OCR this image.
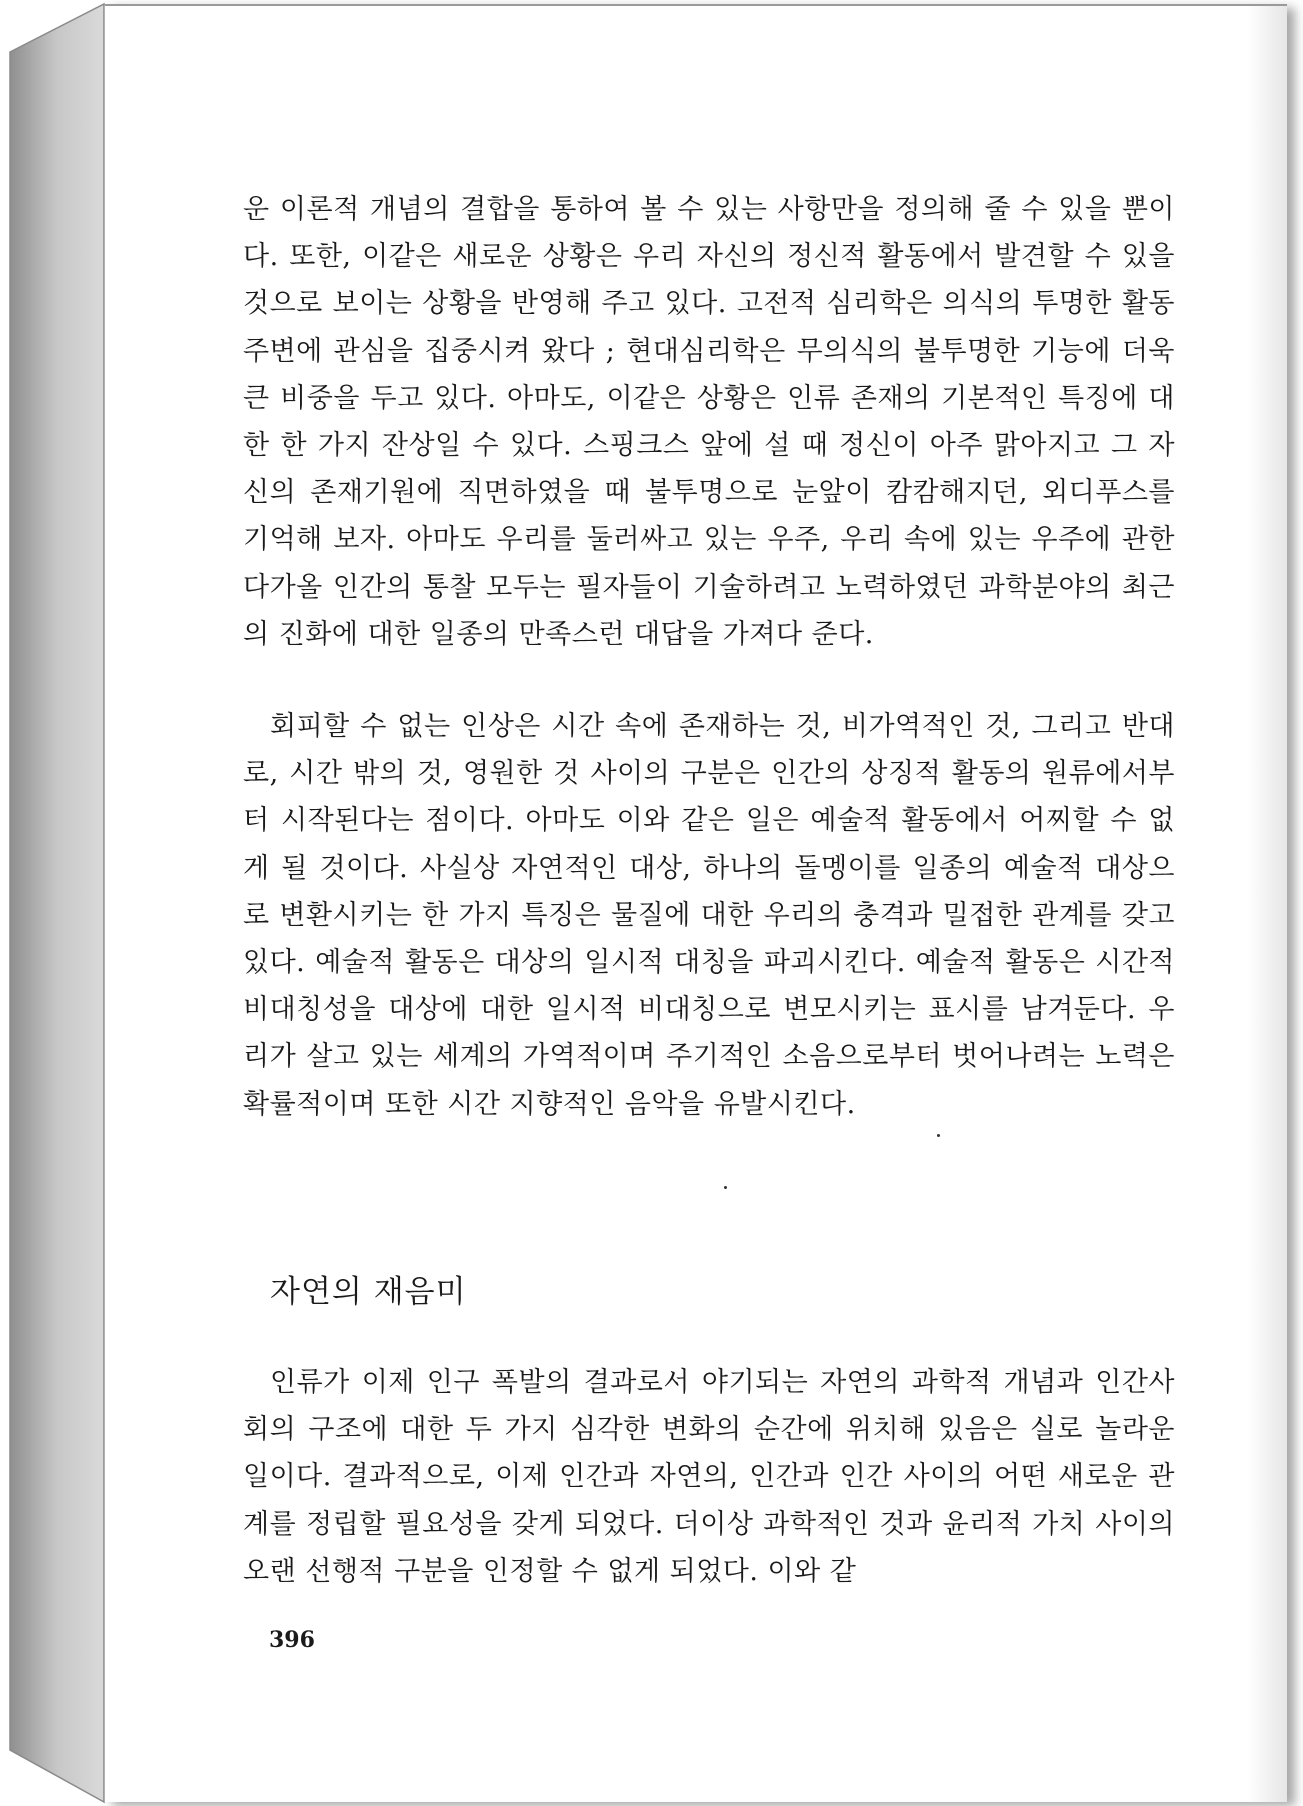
운 이론적 개념의 결합을 통하여 볼 수 있는 사항만을 정의해 줄 수 있을 뿐이다. 또한, 이같은 새로운 상황은 우리 자신의 정신적 활동에서 발견할 수 있을 것으로 보이는 상황을 반영해 주고 있다. 고전적 심리학은 의식의 투명한 활동 주변에 관심을 집중시켜 왔다 ; 현대심리학은 무의식의 불투명한 기능에 더욱 큰 비중을 두고 있다. 아마도, 이같은 상황은 인류 존재의 기본적인 특징에 대한 한 가지 잔상일 수 있다. 스핑크스 앞에 설 때 정신이 아주 맑아지고 그 자신의 존재기원에 직면하였을 때 불투명으로 눈앞이 캄캄해지던, 외디푸스를 기억해 보자. 아마도 우리를 둘러싸고 있는 우주, 우리 속에 있는 우주에 관한 다가올 인간의 통찰 모두는 필자들이 기술하려고 노력하였던 과학분야의 최근의 진화에 대한 일종의 만족스런 대답을 가져다 준다.
회피할 수 없는 인상은 시간 속에 존재하는 것, 비가역적인 것, 그리고 반대로, 시간 밖의 것, 영원한 것 사이의 구분은 인간의 상징적 활동의 원류에서부터 시작된다는 점이다. 아마도 이와 같은 일은 예술적 활동에서 어찌할 수 없게 될 것이다. 사실상 자연적인 대상, 하나의 돌멩이를 일종의 예술적 대상으로 변환시키는 한 가지 특징은 물질에 대한 우리의 충격과 밀접한 관계를 갖고 있다. 예술적 활동은 대상의 일시적 대칭을 파괴시킨다. 예술적 활동은 시간적 비대칭성을 대상에 대한 일시적 비대칭으로 변모시키는 표시를 남겨둔다. 우리가 살고 있는 세계의 가역적이며 주기적인 소음으로부터 벗어나려는 노력은 확률적이며 또한 시간 지향적인 음악을 유발시킨다.
자연의 재음미
인류가 이제 인구 폭발의 결과로서 야기되는 자연의 과학적 개념과 인간사회의 구조에 대한 두 가지 심각한 변화의 순간에 위치해 있음은 실로 놀라운 일이다. 결과적으로, 이제 인간과 자연의, 인간과 인간 사이의 어떤 새로운 관계를 정립할 필요성을 갖게 되었다. 더이상 과학적인 것과 윤리적 가치 사이의 오랜 선행적 구분을 인정할 수 없게 되었다. 이와 같
396
